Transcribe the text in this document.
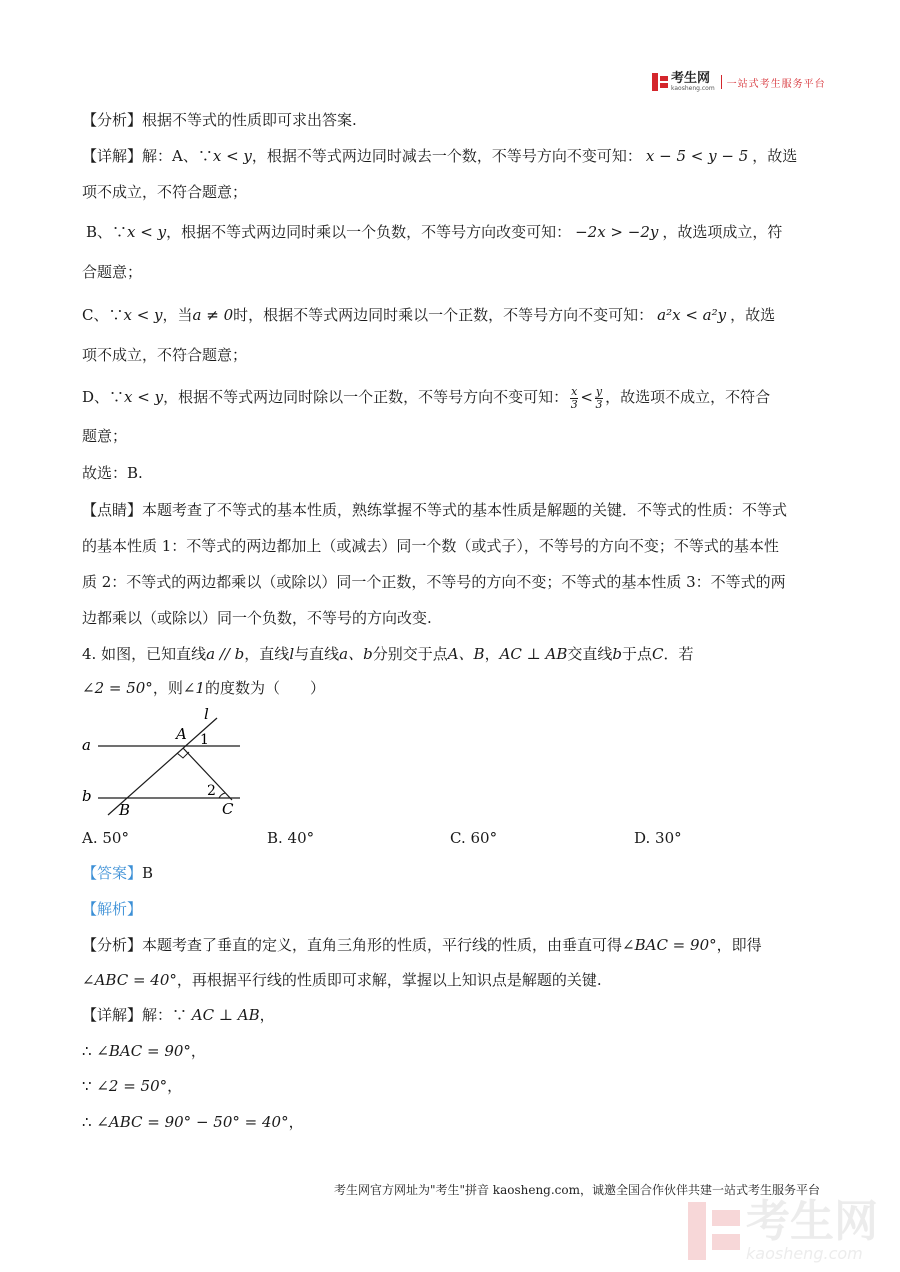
考生网
kaosheng.com 一站式考生服务平台
【分析】根据不等式的性质即可求出答案.
【详解】解：A、∵x < y，根据不等式两边同时减去一个数，不等号方向不变可知： x − 5 < y − 5 ，故选
项不成立，不符合题意；
B、∵x < y，根据不等式两边同时乘以一个负数，不等号方向改变可知： −2x > −2y ，故选项成立，符
合题意；
C、∵x < y，当a ≠ 0时，根据不等式两边同时乘以一个正数，不等号方向不变可知： a²x < a²y ，故选
项不成立，不符合题意；
D、∵x < y，根据不等式两边同时除以一个正数，不等号方向不变可知： $\frac{x}{3} < \frac{y}{3}$ ，故选项不成立，不符合
题意；
故选：B.
【点睛】本题考查了不等式的基本性质，熟练掌握不等式的基本性质是解题的关键．不等式的性质：不等式
的基本性质 1：不等式的两边都加上（或减去）同一个数（或式子），不等号的方向不变；不等式的基本性
质 2：不等式的两边都乘以（或除以）同一个正数，不等号的方向不变；不等式的基本性质 3：不等式的两
边都乘以（或除以）同一个负数，不等号的方向改变.
4. 如图，已知直线a // b，直线l与直线a、b分别交于点A、B，AC ⊥ AB交直线b于点C．若
∠2 = 50°，则∠1的度数为（　　）
l
a
b
A
B	C
1
2
A. 50°	B. 40°	C. 60°	D. 30°
【答案】B
【解析】
【分析】本题考查了垂直的定义，直角三角形的性质，平行线的性质，由垂直可得∠BAC = 90°，即得
∠ABC = 40°，再根据平行线的性质即可求解，掌握以上知识点是解题的关键.
【详解】解：∵ AC ⊥ AB，
∴ ∠BAC = 90°，
∵ ∠2 = 50°，
∴ ∠ABC = 90° − 50° = 40°，
考生网官方网址为"考生"拼音 kaosheng.com，诚邀全国合作伙伴共建一站式考生服务平台
考生网
kaosheng.com
